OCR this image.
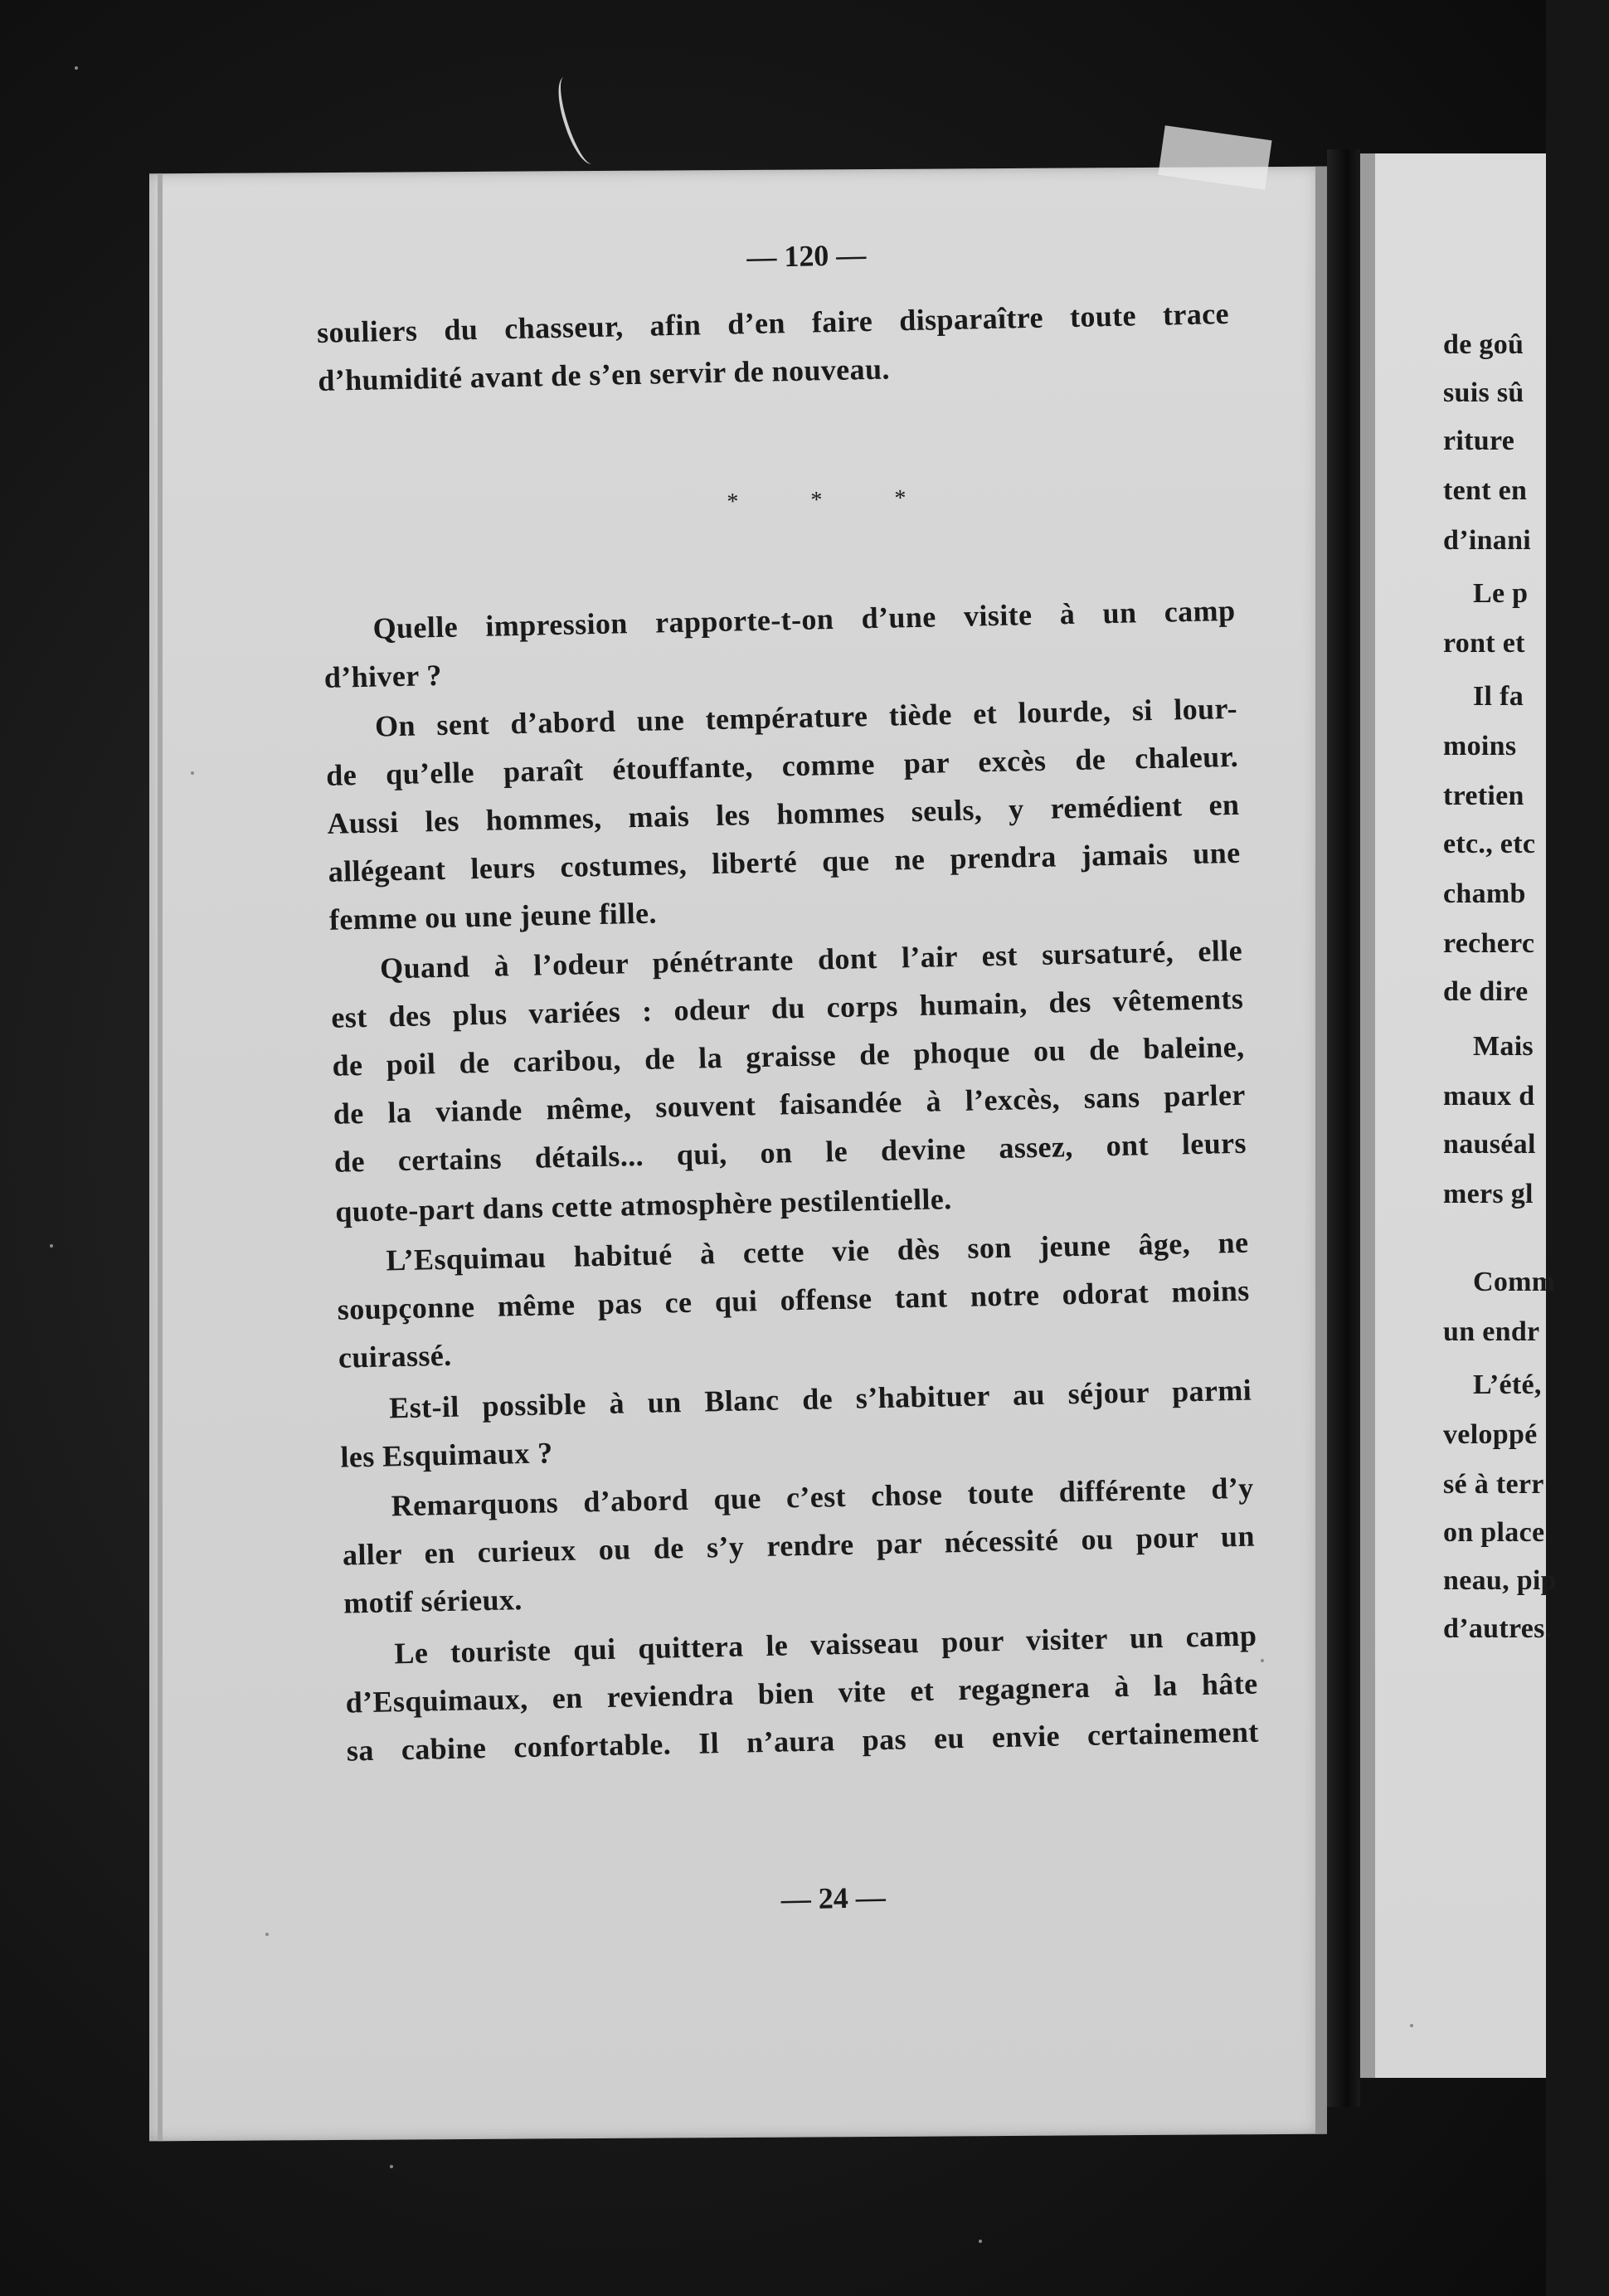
de goû
suis sû
riture
tent en
d’inani
Le p
ront et
Il fa
moins
tretien
etc., etc
chamb
recherc
de dire
Mais
maux d
nauséal
mers gl
Comm
un endr
L’été,
veloppé
sé à terr
on place
neau, pip
d’autres.
— 120 —
* * *
— 24 —
souliers du chasseur, afin d’en faire disparaître toute trace
d’humidité avant de s’en servir de nouveau.
Quelle impression rapporte-t-on d’une visite à un camp
d’hiver ?
On sent d’abord une température tiède et lourde, si lour-
de qu’elle paraît étouffante, comme par excès de chaleur.
Aussi les hommes, mais les hommes seuls, y remédient en
allégeant leurs costumes, liberté que ne prendra jamais une
femme ou une jeune fille.
Quand à l’odeur pénétrante dont l’air est sursaturé, elle
est des plus variées : odeur du corps humain, des vêtements
de poil de caribou, de la graisse de phoque ou de baleine,
de la viande même, souvent faisandée à l’excès, sans parler
de certains détails... qui, on le devine assez, ont leurs
quote-part dans cette atmosphère pestilentielle.
L’Esquimau habitué à cette vie dès son jeune âge, ne
soupçonne même pas ce qui offense tant notre odorat moins
cuirassé.
Est-il possible à un Blanc de s’habituer au séjour parmi
les Esquimaux ?
Remarquons d’abord que c’est chose toute différente d’y
aller en curieux ou de s’y rendre par nécessité ou pour un
motif sérieux.
Le touriste qui quittera le vaisseau pour visiter un camp
d’Esquimaux, en reviendra bien vite et regagnera à la hâte
sa cabine confortable. Il n’aura pas eu envie certainement
